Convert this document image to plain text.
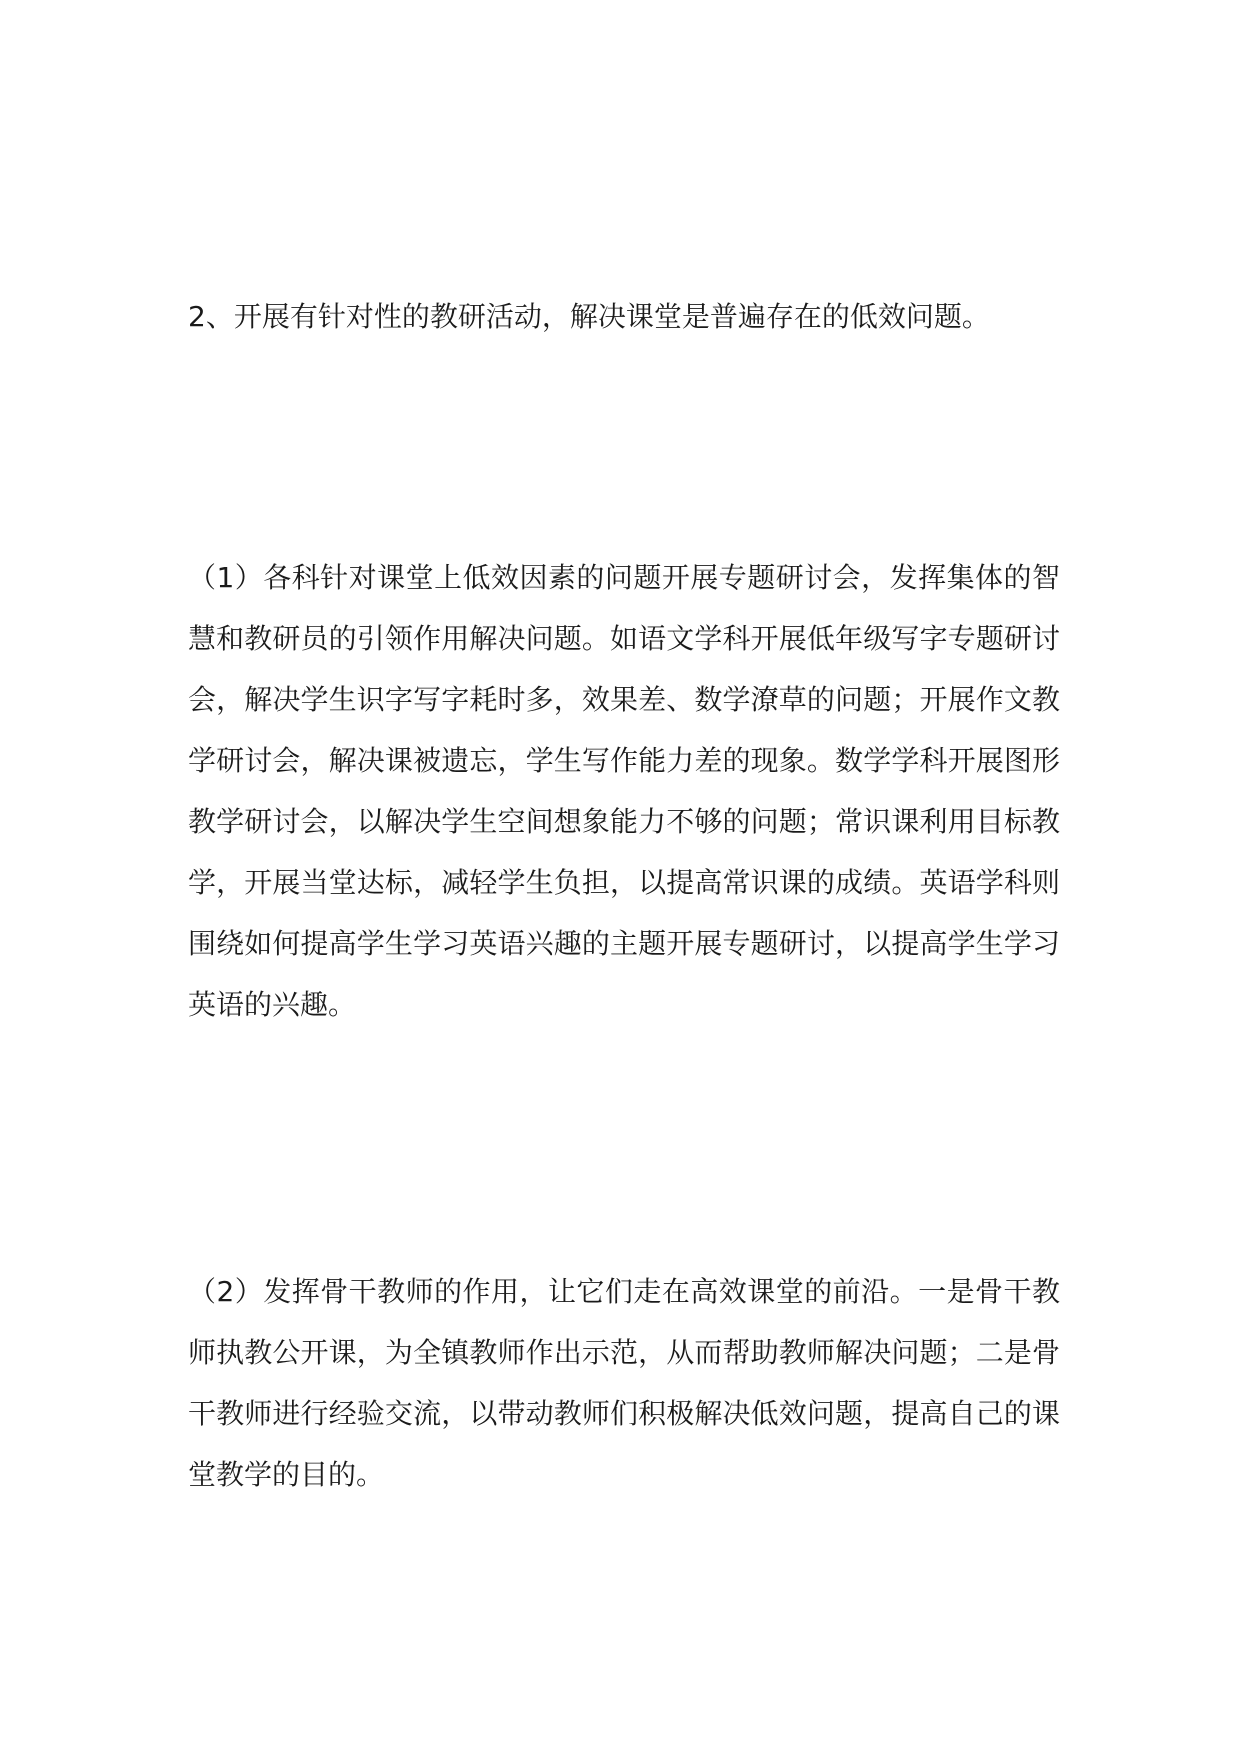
2、开展有针对性的教研活动，解决课堂是普遍存在的低效问题。

（1）各科针对课堂上低效因素的问题开展专题研讨会，发挥集体的智慧和教研员的引领作用解决问题。如语文学科开展低年级写字专题研讨会，解决学生识字写字耗时多，效果差、数学潦草的问题；开展作文教学研讨会，解决课被遗忘，学生写作能力差的现象。数学学科开展图形教学研讨会，以解决学生空间想象能力不够的问题；常识课利用目标教学，开展当堂达标，减轻学生负担，以提高常识课的成绩。英语学科则围绕如何提高学生学习英语兴趣的主题开展专题研讨，以提高学生学习英语的兴趣。

（2）发挥骨干教师的作用，让它们走在高效课堂的前沿。一是骨干教师执教公开课，为全镇教师作出示范，从而帮助教师解决问题；二是骨干教师进行经验交流，以带动教师们积极解决低效问题，提高自己的课堂教学的目的。
